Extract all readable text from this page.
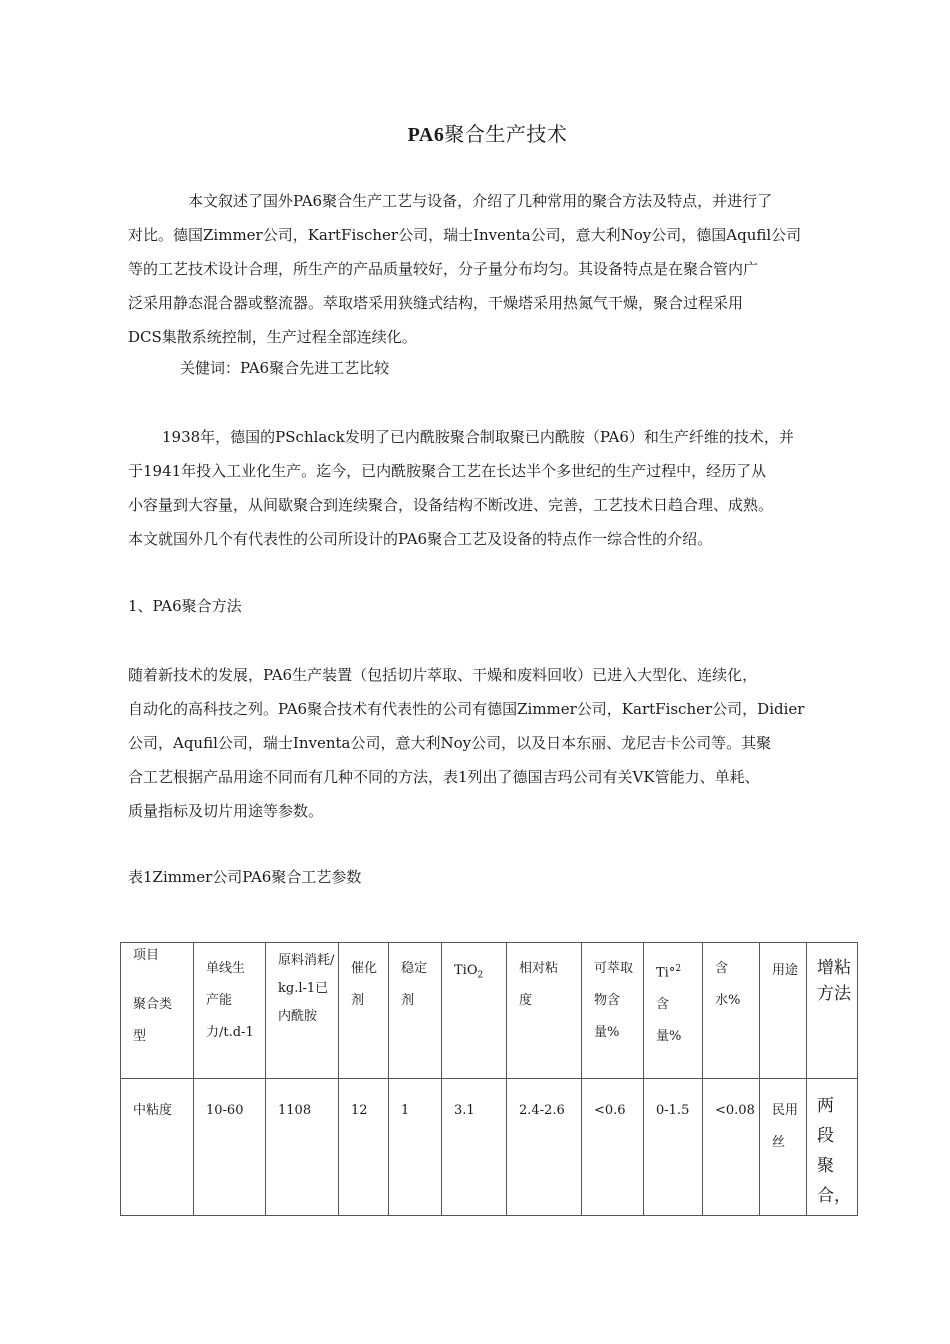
PA6聚合生产技术

本文叙述了国外PA6聚合生产工艺与设备，介绍了几种常用的聚合方法及特点，并进行了

对比。德国Zimmer公司，KartFischer公司，瑞士Inventa公司，意大利Noy公司，德国Aqufil公司

等的工艺技术设计合理，所生产的产品质量较好，分子量分布均匀。其设备特点是在聚合管内广

泛采用静态混合器或整流器。萃取塔采用狭缝式结构，干燥塔采用热氮气干燥，聚合过程采用

DCS集散系统控制，生产过程全部连续化。

关健词：PA6聚合先进工艺比较

1938年，德国的PSchlack发明了已内酰胺聚合制取聚已内酰胺（PA6）和生产纤维的技术，并

于1941年投入工业化生产。迄今，已内酰胺聚合工艺在长达半个多世纪的生产过程中，经历了从

小容量到大容量，从间歇聚合到连续聚合，设备结构不断改进、完善，工艺技术日趋合理、成熟。

本文就国外几个有代表性的公司所设计的PA6聚合工艺及设备的特点作一综合性的介绍。

1、PA6聚合方法

随着新技术的发展，PA6生产装置（包括切片萃取、干燥和废料回收）已进入大型化、连续化，

自动化的高科技之列。PA6聚合技术有代表性的公司有德国Zimmer公司，KartFischer公司，Didier

公司，Aqufil公司，瑞士Inventa公司，意大利Noy公司，以及日本东丽、龙尼吉卡公司等。其聚

合工艺根据产品用途不同而有几种不同的方法，表1列出了德国吉玛公司有关VK管能力、单耗、

质量指标及切片用途等参数。

表1Zimmer公司PA6聚合工艺参数
项目
聚合类型	单线生产能力/t.d-1	原料消耗/kg.l-1已内酰胺	催化剂	稳定剂	TiO$_2$	相对粘度	可萃取物含量%	Ti°$^2$含量%	含水%	用途	增粘方法

中粘度	10-60	1108	12	1	3.1	2.4-2.6	<0.6	0-1.5	<0.08	民用丝	两段聚合，
